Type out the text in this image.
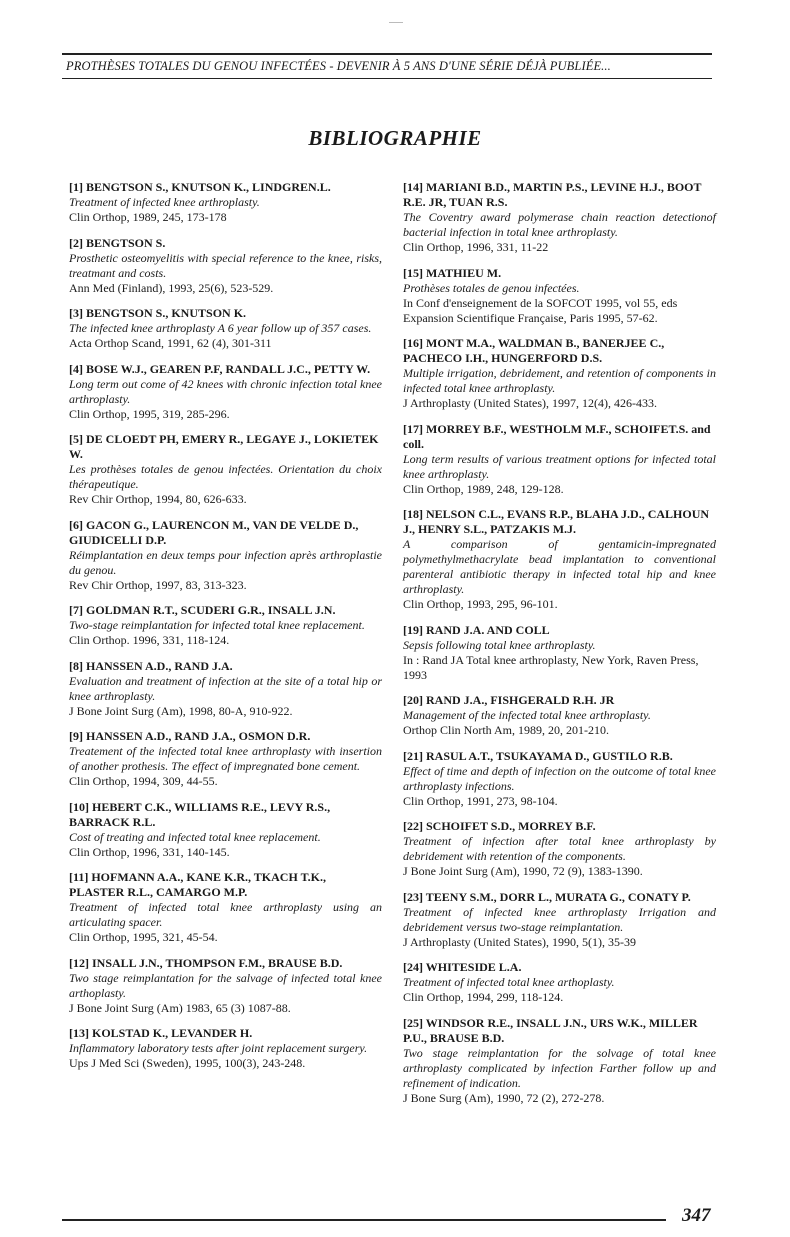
PROTHÈSES TOTALES DU GENOU INFECTÉES - DEVENIR À 5 ANS D'UNE SÉRIE DÉJÀ PUBLIÉE...
BIBLIOGRAPHIE
[1] BENGTSON S., KNUTSON K., LINDGREN.L.
Treatment of infected knee arthroplasty.
Clin Orthop, 1989, 245, 173-178
[2] BENGTSON S.
Prosthetic osteomyelitis with special reference to the knee, risks, treatmant and costs.
Ann Med (Finland), 1993, 25(6), 523-529.
[3] BENGTSON S., KNUTSON K.
The infected knee arthroplasty A 6 year follow up of 357 cases.
Acta Orthop Scand, 1991, 62 (4), 301-311
[4] BOSE W.J., GEAREN P.F, RANDALL J.C., PETTY W.
Long term out come of 42 knees with chronic infection total knee arthroplasty.
Clin Orthop, 1995, 319, 285-296.
[5] DE CLOEDT PH, EMERY R., LEGAYE J., LOKIETEK W.
Les prothèses totales de genou infectées. Orientation du choix thérapeutique.
Rev Chir Orthop, 1994, 80, 626-633.
[6] GACON G., LAURENCON M., VAN DE VELDE D., GIUDICELLI D.P.
Réimplantation en deux temps pour infection après arthroplastie du genou.
Rev Chir Orthop, 1997, 83, 313-323.
[7] GOLDMAN R.T., SCUDERI G.R., INSALL J.N.
Two-stage reimplantation for infected total knee replacement.
Clin Orthop. 1996, 331, 118-124.
[8] HANSSEN A.D., RAND J.A.
Evaluation and treatment of infection at the site of a total hip or knee arthroplasty.
J Bone Joint Surg (Am), 1998, 80-A, 910-922.
[9] HANSSEN A.D., RAND J.A., OSMON D.R.
Treatement of the infected total knee arthroplasty with insertion of another prothesis. The effect of impregnated bone cement.
Clin Orthop, 1994, 309, 44-55.
[10] HEBERT C.K., WILLIAMS R.E., LEVY R.S., BARRACK R.L.
Cost of treating and infected total knee replacement.
Clin Orthop, 1996, 331, 140-145.
[11] HOFMANN A.A., KANE K.R., TKACH T.K., PLASTER R.L., CAMARGO M.P.
Treatment of infected total knee arthroplasty using an articulating spacer.
Clin Orthop, 1995, 321, 45-54.
[12] INSALL J.N., THOMPSON F.M., BRAUSE B.D.
Two stage reimplantation for the salvage of infected total knee arthoplasty.
J Bone Joint Surg (Am) 1983, 65 (3) 1087-88.
[13] KOLSTAD K., LEVANDER H.
Inflammatory laboratory tests after joint replacement surgery.
Ups J Med Sci (Sweden), 1995, 100(3), 243-248.
[14] MARIANI B.D., MARTIN P.S., LEVINE H.J., BOOT R.E. JR, TUAN R.S.
The Coventry award polymerase chain reaction detectionof bacterial infection in total knee arthroplasty.
Clin Orthop, 1996, 331, 11-22
[15] MATHIEU M.
Prothèses totales de genou infectées.
In Conf d'enseignement de la SOFCOT 1995, vol 55, eds Expansion Scientifique Française, Paris 1995, 57-62.
[16] MONT M.A., WALDMAN B., BANERJEE C., PACHECO I.H., HUNGERFORD D.S.
Multiple irrigation, debridement, and retention of components in infected total knee arthroplasty.
J Arthroplasty (United States), 1997, 12(4), 426-433.
[17] MORREY B.F., WESTHOLM M.F., SCHOIFET.S. and coll.
Long term results of various treatment options for infected total knee arthroplasty.
Clin Orthop, 1989, 248, 129-128.
[18] NELSON C.L., EVANS R.P., BLAHA J.D., CALHOUN J., HENRY S.L., PATZAKIS M.J.
A comparison of gentamicin-impregnated polymethylmethacrylate bead implantation to conventional parenteral antibiotic therapy in infected total hip and knee arthroplasty.
Clin Orthop, 1993, 295, 96-101.
[19] RAND J.A. AND COLL
Sepsis following total knee arthroplasty.
In : Rand JA Total knee arthroplasty, New York, Raven Press, 1993
[20] RAND J.A., FISHGERALD R.H. JR
Management of the infected total knee arthroplasty.
Orthop Clin North Am, 1989, 20, 201-210.
[21] RASUL A.T., TSUKAYAMA D., GUSTILO R.B.
Effect of time and depth of infection on the outcome of total knee arthroplasty infections.
Clin Orthop, 1991, 273, 98-104.
[22] SCHOIFET S.D., MORREY B.F.
Treatment of infection after total knee arthroplasty by debridement with retention of the components.
J Bone Joint Surg (Am), 1990, 72 (9), 1383-1390.
[23] TEENY S.M., DORR L., MURATA G., CONATY P.
Treatment of infected knee arthroplasty Irrigation and debridement versus two-stage reimplantation.
J Arthroplasty (United States), 1990, 5(1), 35-39
[24] WHITESIDE L.A.
Treatment of infected total knee arthoplasty.
Clin Orthop, 1994, 299, 118-124.
[25] WINDSOR R.E., INSALL J.N., URS W.K., MILLER P.U., BRAUSE B.D.
Two stage reimplantation for the solvage of total knee arthroplasty complicated by infection Farther follow up and refinement of indication.
J Bone Surg (Am), 1990, 72 (2), 272-278.
347
